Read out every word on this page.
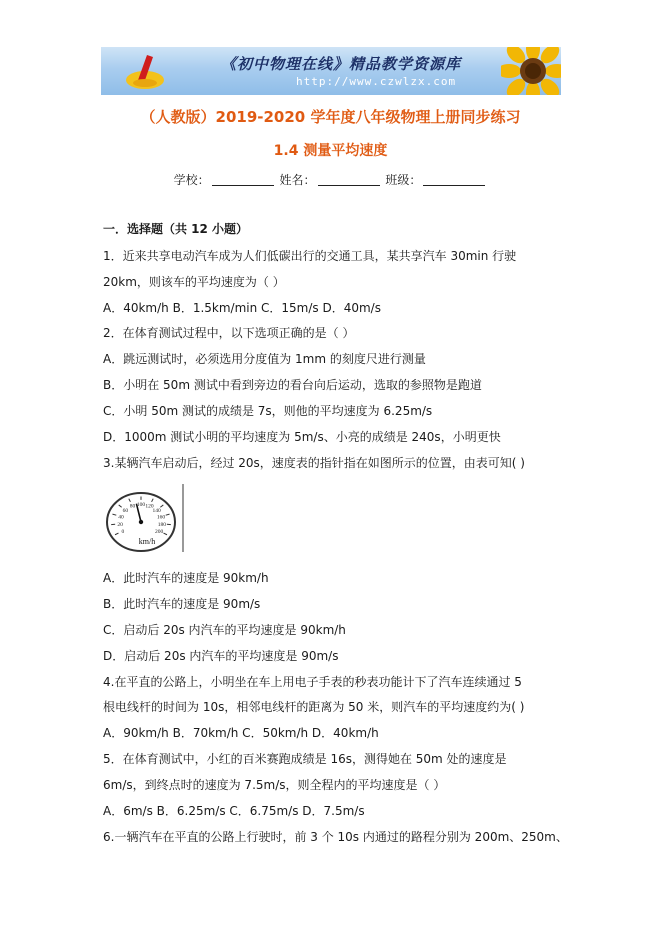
《初中物理在线》精品教学资源库
http://www.czwlzx.com
（人教版）2019-2020 学年度八年级物理上册同步练习
1.4 测量平均速度
学校：	姓名：	班级：
一．选择题（共 12 小题）
1．近来共享电动汽车成为人们低碳出行的交通工具，某共享汽车 30min 行驶
20km，则该车的平均速度为（ ）
A．40km/h B．1.5km/min C．15m/s D．40m/s
2．在体育测试过程中，以下选项正确的是（ ）
A．跳远测试时，必须选用分度值为 1mm 的刻度尺进行测量
B．小明在 50m 测试中看到旁边的看台向后运动，选取的参照物是跑道
C．小明 50m 测试的成绩是 7s，则他的平均速度为 6.25m/s
D．1000m 测试小明的平均速度为 5m/s、小亮的成绩是 240s，小明更快
3.某辆汽车启动后，经过 20s，速度表的指针指在如图所示的位置，由表可知( )
0
20
40
60
80 100 120
140
160
180
200
km/h
A．此时汽车的速度是 90km/h
B．此时汽车的速度是 90m/s
C．启动后 20s 内汽车的平均速度是 90km/h
D．启动后 20s 内汽车的平均速度是 90m/s
4.在平直的公路上，小明坐在车上用电子手表的秒表功能计下了汽车连续通过 5
根电线杆的时间为 10s，相邻电线杆的距离为 50 米，则汽车的平均速度约为( )
A．90km/h B．70km/h C．50km/h D．40km/h
5．在体育测试中，小红的百米赛跑成绩是 16s，测得她在 50m 处的速度是
6m/s，到终点时的速度为 7.5m/s，则全程内的平均速度是（ ）
A．6m/s B．6.25m/s C．6.75m/s D．7.5m/s
6.一辆汽车在平直的公路上行驶时，前 3 个 10s 内通过的路程分别为 200m、250m、
